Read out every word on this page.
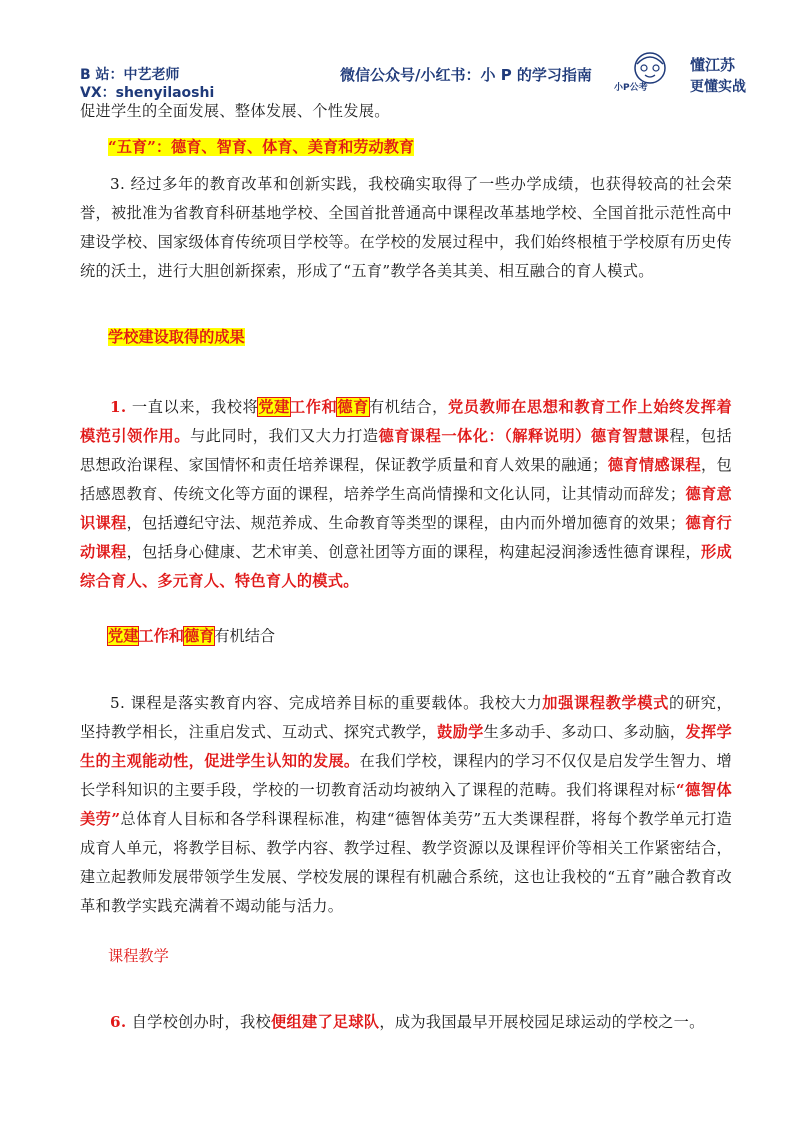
B 站：中艺老师
VX：shenyilaoshi
微信公众号/小红书：小 P 的学习指南
小P公考
懂江苏
更懂实战
促进学生的全面发展、整体发展、个性发展。
“五育”：德育、智育、体育、美育和劳动教育
3. 经过多年的教育改革和创新实践，我校确实取得了一些办学成绩，也获得较高的社会荣誉，被批准为省教育科研基地学校、全国首批普通高中课程改革基地学校、全国首批示范性高中建设学校、国家级体育传统项目学校等。在学校的发展过程中，我们始终根植于学校原有历史传统的沃土，进行大胆创新探索，形成了“五育”教学各美其美、相互融合的育人模式。
学校建设取得的成果
1. 一直以来，我校将党建工作和德育有机结合，党员教师在思想和教育工作上始终发挥着模范引领作用。与此同时，我们又大力打造德育课程一体化：（解释说明）德育智慧课程，包括思想政治课程、家国情怀和责任培养课程，保证教学质量和育人效果的融通；德育情感课程，包括感恩教育、传统文化等方面的课程，培养学生高尚情操和文化认同，让其情动而辞发；德育意识课程，包括遵纪守法、规范养成、生命教育等类型的课程，由内而外增加德育的效果；德育行动课程，包括身心健康、艺术审美、创意社团等方面的课程，构建起浸润渗透性德育课程，形成综合育人、多元育人、特色育人的模式。
党建工作和德育有机结合
5. 课程是落实教育内容、完成培养目标的重要载体。我校大力加强课程教学模式的研究，坚持教学相长，注重启发式、互动式、探究式教学，鼓励学生多动手、多动口、多动脑，发挥学生的主观能动性，促进学生认知的发展。在我们学校，课程内的学习不仅仅是启发学生智力、增长学科知识的主要手段，学校的一切教育活动均被纳入了课程的范畴。我们将课程对标“德智体美劳”总体育人目标和各学科课程标准，构建“德智体美劳”五大类课程群，将每个教学单元打造成育人单元，将教学目标、教学内容、教学过程、教学资源以及课程评价等相关工作紧密结合，建立起教师发展带领学生发展、学校发展的课程有机融合系统，这也让我校的“五育”融合教育改革和教学实践充满着不竭动能与活力。
课程教学
6. 自学校创办时，我校便组建了足球队，成为我国最早开展校园足球运动的学校之一。
